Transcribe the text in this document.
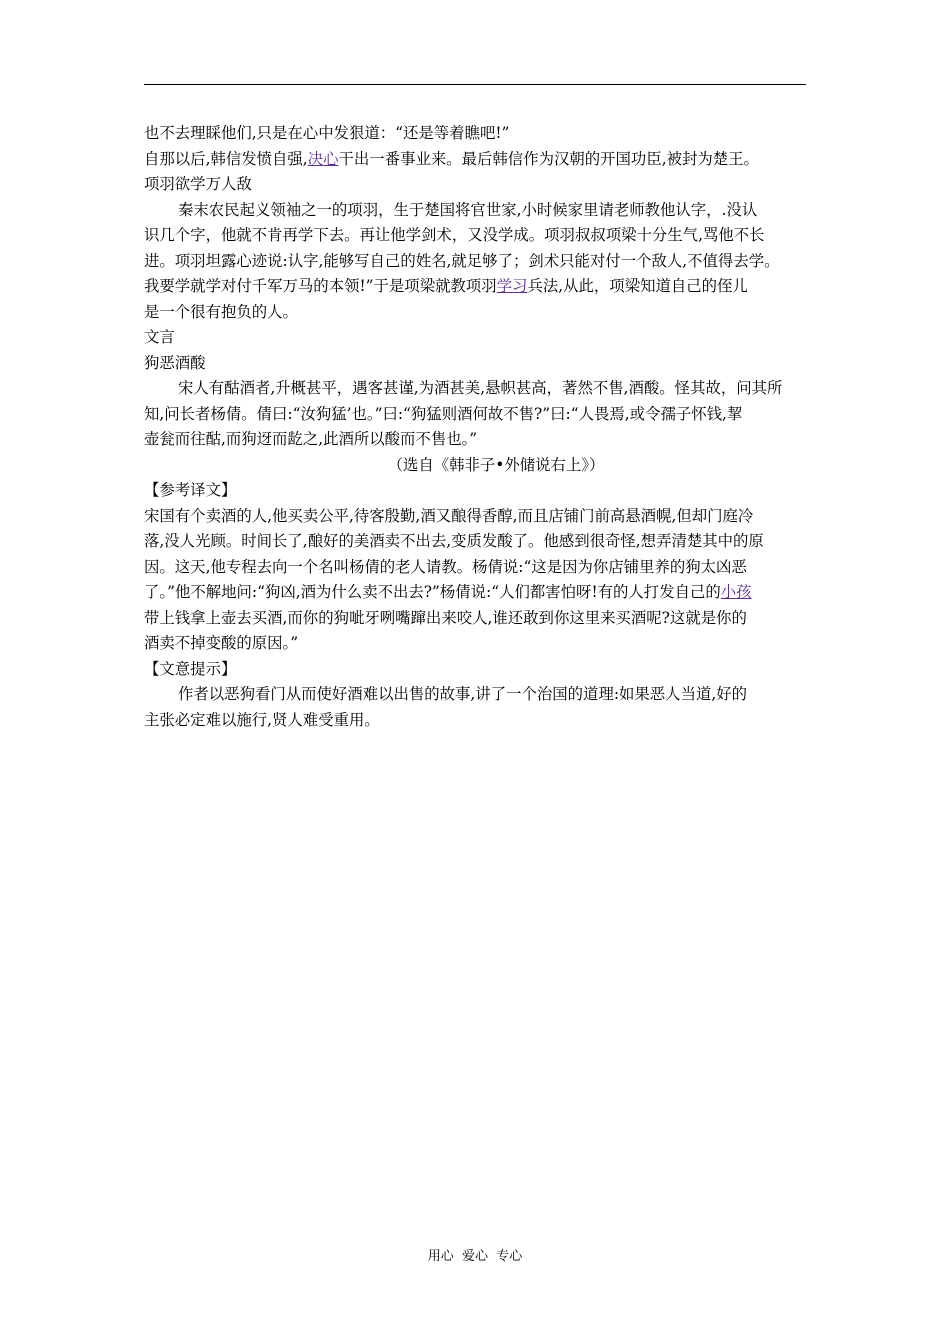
也不去理睬他们,只是在心中发狠道：“还是等着瞧吧!”
自那以后,韩信发愤自强,决心干出一番事业来。最后韩信作为汉朝的开国功臣,被封为楚王。
项羽欲学万人敌
秦末农民起义领袖之一的项羽，生于楚国将官世家,小时候家里请老师教他认字，.没认
识几个字，他就不肯再学下去。再让他学剑术，又没学成。项羽叔叔项梁十分生气,骂他不长
进。项羽坦露心迹说:认字,能够写自己的姓名,就足够了；剑术只能对付一个敌人,不值得去学。
我要学就学对付千军万马的本领!”于是项梁就教项羽学习兵法,从此，项梁知道自己的侄儿
是一个很有抱负的人。
文言
狗恶酒酸
宋人有酤酒者,升概甚平，遇客甚谨,为酒甚美,悬帜甚高，著然不售,酒酸。怪其故，问其所
知,问长者杨倩。倩曰:“汝狗猛’也。”曰:“狗猛则酒何故不售?”曰:“人畏焉,或令孺子怀钱,挈
壶瓮而往酤,而狗迓而龁之,此酒所以酸而不售也。”
（选自《韩非子•外储说右上》）
【参考译文】
宋国有个卖酒的人,他买卖公平,待客殷勤,酒又酿得香醇,而且店铺门前高悬酒幌,但却门庭冷
落,没人光顾。时间长了,酿好的美酒卖不出去,变质发酸了。他感到很奇怪,想弄清楚其中的原
因。这天,他专程去向一个名叫杨倩的老人请教。杨倩说:“这是因为你店铺里养的狗太凶恶
了。”他不解地问:“狗凶,酒为什么卖不出去?”杨倩说:“人们都害怕呀!有的人打发自己的小孩
带上钱拿上壶去买酒,而你的狗呲牙咧嘴蹿出来咬人,谁还敢到你这里来买酒呢?这就是你的
酒卖不掉变酸的原因。”
【文意提示】
作者以恶狗看门从而使好酒难以出售的故事,讲了一个治国的道理:如果恶人当道,好的
主张必定难以施行,贤人难受重用。
用心  爱心  专心
